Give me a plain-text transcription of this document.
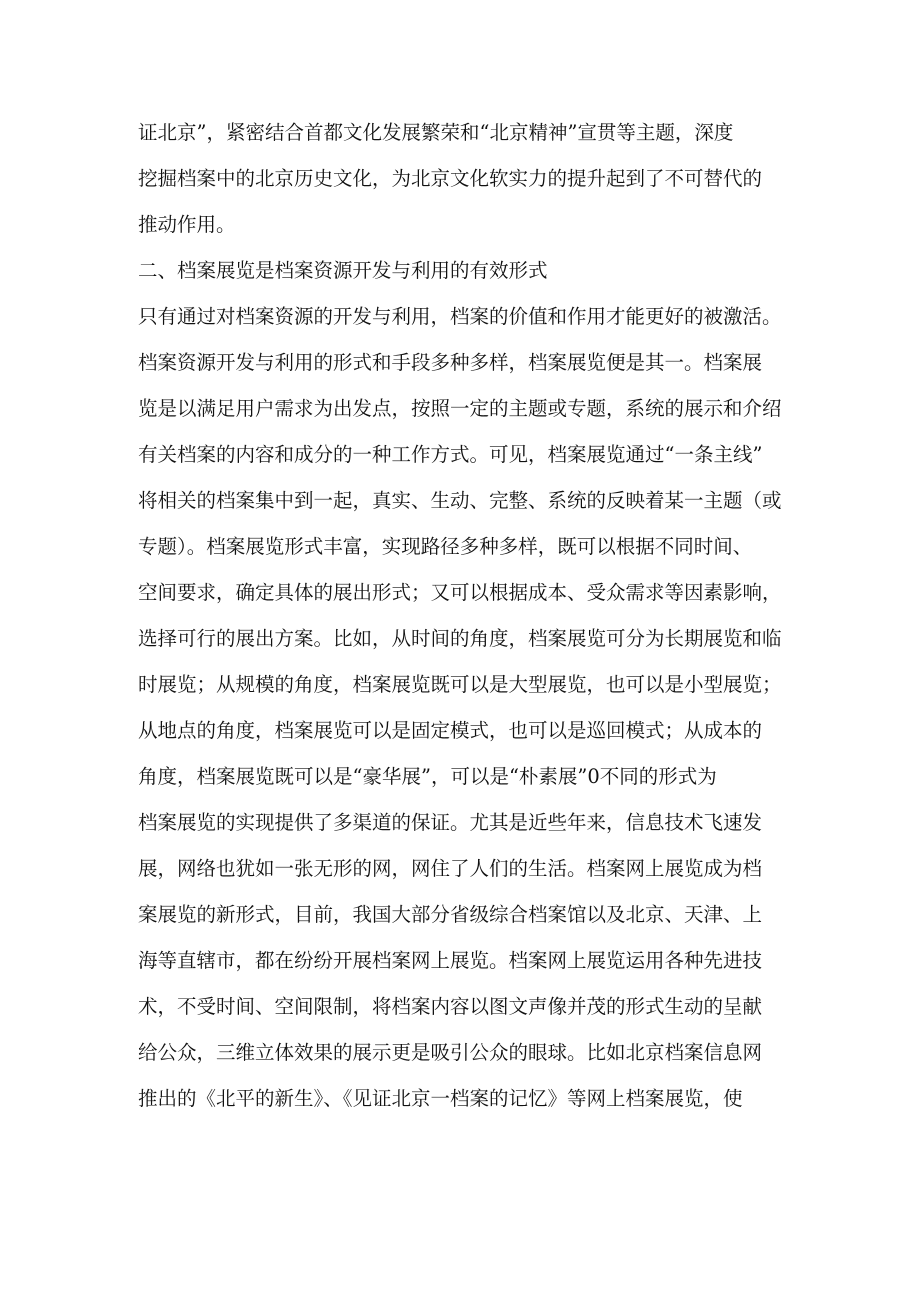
证北京”，紧密结合首都文化发展繁荣和“北京精神”宣贯等主题，深度
挖掘档案中的北京历史文化，为北京文化软实力的提升起到了不可替代的
推动作用。
二、档案展览是档案资源开发与利用的有效形式
只有通过对档案资源的开发与利用，档案的价值和作用才能更好的被激活。
档案资源开发与利用的形式和手段多种多样，档案展览便是其一。档案展
览是以满足用户需求为出发点，按照一定的主题或专题，系统的展示和介绍
有关档案的内容和成分的一种工作方式。可见，档案展览通过“一条主线”
将相关的档案集中到一起，真实、生动、完整、系统的反映着某一主题（或
专题）。档案展览形式丰富，实现路径多种多样，既可以根据不同时间、
空间要求，确定具体的展出形式；又可以根据成本、受众需求等因素影响，
选择可行的展出方案。比如，从时间的角度，档案展览可分为长期展览和临
时展览；从规模的角度，档案展览既可以是大型展览，也可以是小型展览；
从地点的角度，档案展览可以是固定模式，也可以是巡回模式；从成本的
角度，档案展览既可以是“豪华展”，可以是“朴素展”0不同的形式为
档案展览的实现提供了多渠道的保证。尤其是近些年来，信息技术飞速发
展，网络也犹如一张无形的网，网住了人们的生活。档案网上展览成为档
案展览的新形式，目前，我国大部分省级综合档案馆以及北京、天津、上
海等直辖市，都在纷纷开展档案网上展览。档案网上展览运用各种先进技
术，不受时间、空间限制，将档案内容以图文声像并茂的形式生动的呈献
给公众，三维立体效果的展示更是吸引公众的眼球。比如北京档案信息网
推出的《北平的新生》、《见证北京一档案的记忆》等网上档案展览，使
